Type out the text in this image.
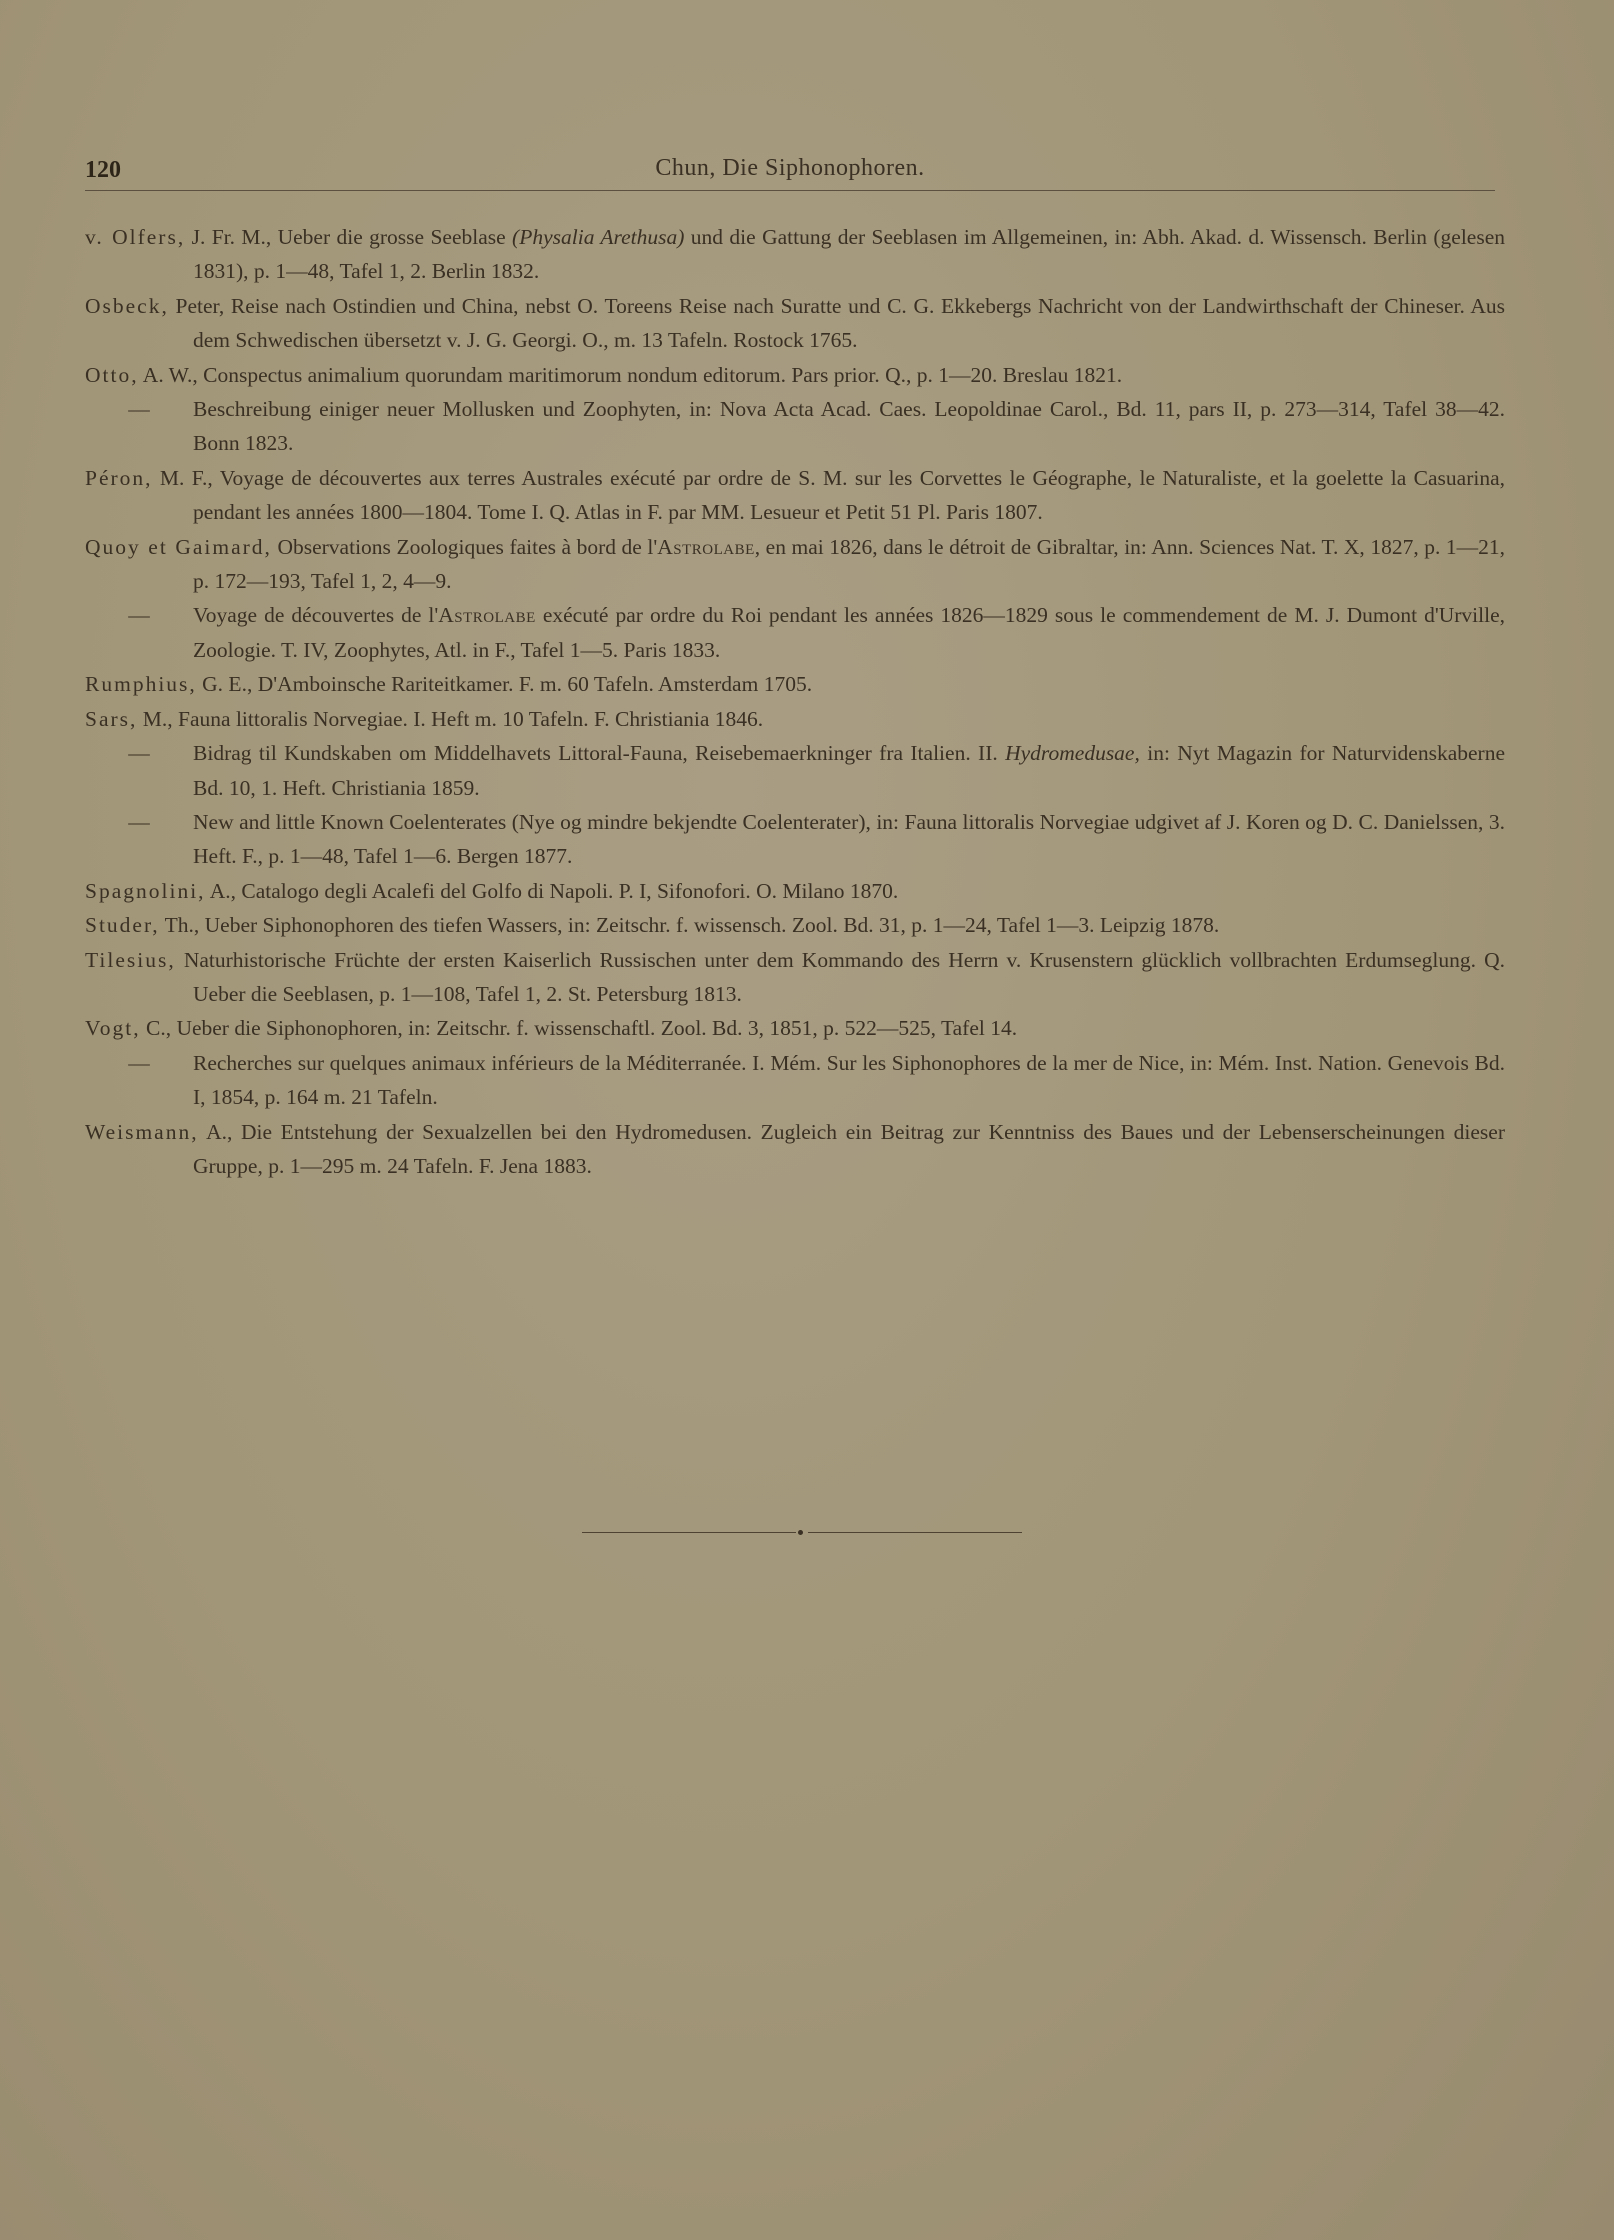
120	Chun, Die Siphonophoren.
v. Olfers, J. Fr. M., Ueber die grosse Seeblase (Physalia Arethusa) und die Gattung der Seeblasen im Allgemeinen, in: Abh. Akad. d. Wissensch. Berlin (gelesen 1831), p. 1—48, Tafel 1, 2. Berlin 1832.
Osbeck, Peter, Reise nach Ostindien und China, nebst O. Toreens Reise nach Suratte und C. G. Ekkebergs Nachricht von der Landwirthschaft der Chineser. Aus dem Schwedischen übersetzt v. J. G. Georgi. O., m. 13 Tafeln. Rostock 1765.
Otto, A. W., Conspectus animalium quorundam maritimorum nondum editorum. Pars prior. Q., p. 1—20. Breslau 1821.
— Beschreibung einiger neuer Mollusken und Zoophyten, in: Nova Acta Acad. Caes. Leopoldinae Carol., Bd. 11, pars II, p. 273—314, Tafel 38—42. Bonn 1823.
Péron, M. F., Voyage de découvertes aux terres Australes exécuté par ordre de S. M. sur les Corvettes le Géographe, le Naturaliste, et la goelette la Casuarina, pendant les années 1800—1804. Tome I. Q. Atlas in F. par MM. Lesueur et Petit 51 Pl. Paris 1807.
Quoy et Gaimard, Observations Zoologiques faites à bord de l'Astrolabe, en mai 1826, dans le détroit de Gibraltar, in: Ann. Sciences Nat. T. X, 1827, p. 1—21, p. 172—193, Tafel 1, 2, 4—9.
— Voyage de découvertes de l'Astrolabe exécuté par ordre du Roi pendant les années 1826—1829 sous le commendement de M. J. Dumont d'Urville, Zoologie. T. IV, Zoophytes, Atl. in F., Tafel 1—5. Paris 1833.
Rumphius, G. E., D'Amboinsche Rariteitkamer. F. m. 60 Tafeln. Amsterdam 1705.
Sars, M., Fauna littoralis Norvegiae. I. Heft m. 10 Tafeln. F. Christiania 1846.
— Bidrag til Kundskaben om Middelhavets Littoral-Fauna, Reisebemaerkninger fra Italien. II. Hydromedusae, in: Nyt Magazin for Naturvidenskaberne Bd. 10, 1. Heft. Christiania 1859.
— New and little Known Coelenterates (Nye og mindre bekjendte Coelenterater), in: Fauna littoralis Norvegiae udgivet af J. Koren og D. C. Danielssen, 3. Heft. F., p. 1—48, Tafel 1—6. Bergen 1877.
Spagnolini, A., Catalogo degli Acalefi del Golfo di Napoli. P. I, Sifonofori. O. Milano 1870.
Studer, Th., Ueber Siphonophoren des tiefen Wassers, in: Zeitschr. f. wissensch. Zool. Bd. 31, p. 1—24, Tafel 1—3. Leipzig 1878.
Tilesius, Naturhistorische Früchte der ersten Kaiserlich Russischen unter dem Kommando des Herrn v. Krusenstern glücklich vollbrachten Erdumseglung. Q. Ueber die Seeblasen, p. 1—108, Tafel 1, 2. St. Petersburg 1813.
Vogt, C., Ueber die Siphonophoren, in: Zeitschr. f. wissenschaftl. Zool. Bd. 3, 1851, p. 522—525, Tafel 14.
— Recherches sur quelques animaux inférieurs de la Méditerranée. I. Mém. Sur les Siphonophores de la mer de Nice, in: Mém. Inst. Nation. Genevois Bd. I, 1854, p. 164 m. 21 Tafeln.
Weismann, A., Die Entstehung der Sexualzellen bei den Hydromedusen. Zugleich ein Beitrag zur Kenntniss des Baues und der Lebenserscheinungen dieser Gruppe, p. 1—295 m. 24 Tafeln. F. Jena 1883.
